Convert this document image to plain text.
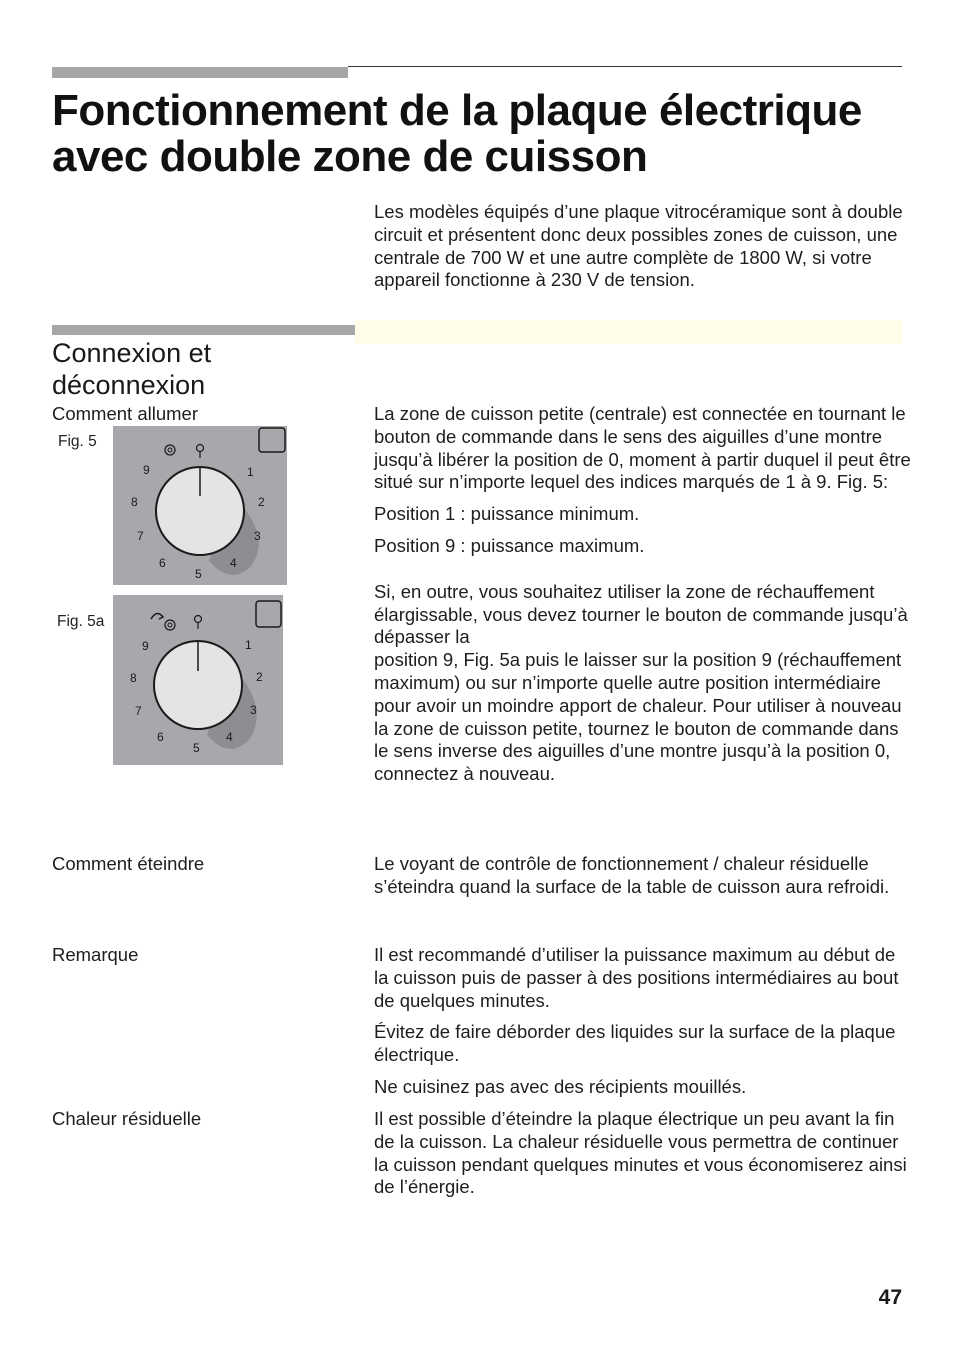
Fonctionnement de la plaque électrique
avec double zone de cuisson

Les modèles équipés d’une plaque vitrocéramique sont à double circuit et présentent donc deux possibles zones de cuisson, une centrale de 700 W et une autre complète de 1800 W, si votre appareil fonctionne à 230 V de tension.

Connexion et
déconnexion
Comment allumer	La zone de cuisson petite (centrale) est connectée en tournant le bouton de commande dans le sens des aiguilles d’une montre jusqu’à libérer la position de 0, moment à partir duquel il peut être situé sur n’importe lequel des indices marqués de 1 à 9. Fig. 5:

Position 1 : puissance minimum.

Position 9 : puissance maximum.

Si, en outre, vous souhaitez utiliser la zone de réchauffement élargissable, vous devez tourner le bouton de commande jusqu’à dépasser la

position 9, Fig. 5a puis le laisser sur la position 9 (réchauffement maximum) ou sur n’importe quelle autre position intermédiaire pour avoir un moindre apport de chaleur. Pour utiliser à nouveau la zone de cuisson petite, tournez le bouton de commande dans le sens inverse des aiguilles d’une montre jusqu’à la position 0, connectez à nouveau.

Fig. 5
1
2
3
4
5
6
7
8
9
Fig. 5a
1
2
3
4
5
6
7
8
9
Comment éteindre	Le voyant de contrôle de fonctionnement / chaleur résiduelle s’éteindra quand la surface de la table de cuisson aura refroidi.

Remarque	Il est recommandé d’utiliser la puissance maximum au début de la cuisson puis de passer à des positions intermédiaires au bout de quelques minutes.

Évitez de faire déborder des liquides sur la surface de la plaque électrique.

Ne cuisinez pas avec des récipients mouillés.

Chaleur résiduelle	Il est possible d’éteindre la plaque électrique un peu avant la fin de la cuisson. La chaleur résiduelle vous permettra de continuer la cuisson pendant quelques minutes et vous économiserez ainsi de l’énergie.

47
